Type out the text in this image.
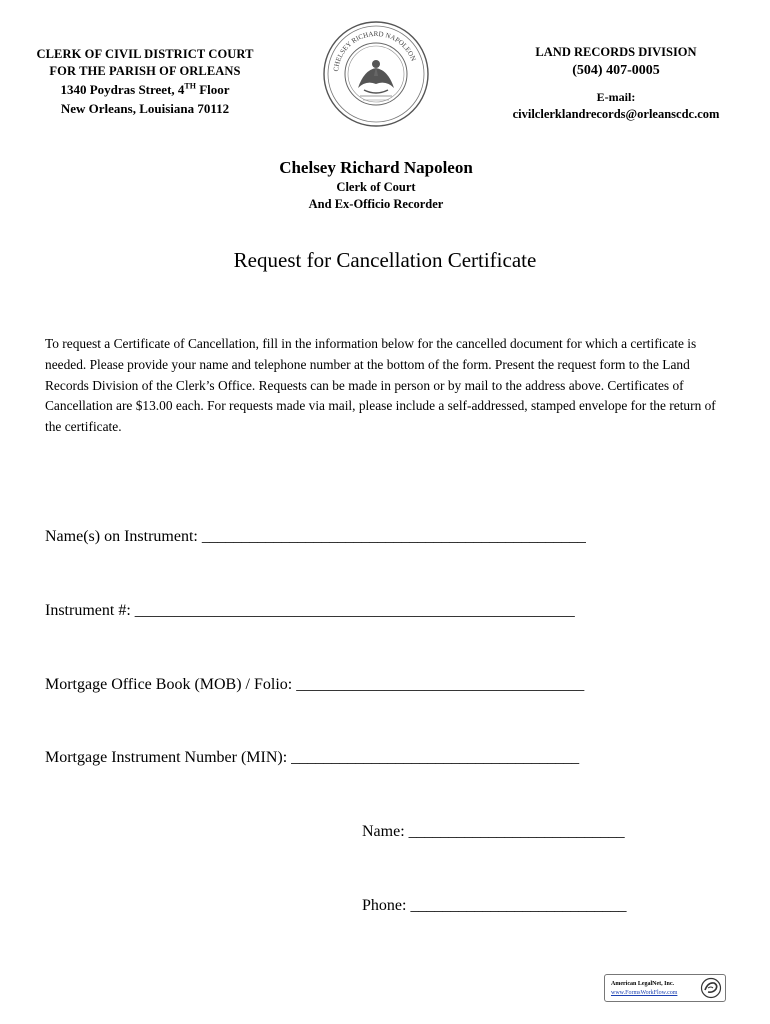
CLERK OF CIVIL DISTRICT COURT
FOR THE PARISH OF ORLEANS
1340 Poydras Street, 4TH Floor
New Orleans, Louisiana 70112
CHELSEY RICHARD NAPOLEON	LAND RECORDS DIVISION
(504) 407-0005
E-mail:
civilclerklandrecords@orleanscdc.com
Chelsey Richard Napoleon
Clerk of Court
And Ex-Officio Recorder
Request for Cancellation Certificate
To request a Certificate of Cancellation, fill in the information below for the cancelled document for which a certificate is needed. Please provide your name and telephone number at the bottom of the form. Present the request form to the Land Records Division of the Clerk’s Office. Requests can be made in person or by mail to the address above. Certificates of Cancellation are $13.00 each. For requests made via mail, please include a self-addressed, stamped envelope for the return of the certificate.
Name(s) on Instrument: ________________________________________________
Instrument #: _______________________________________________________
Mortgage Office Book (MOB) / Folio: ____________________________________
Mortgage Instrument Number (MIN): ____________________________________
Name: ___________________________
Phone: ___________________________
American LegalNet, Inc.
www.FormsWorkFlow.com
